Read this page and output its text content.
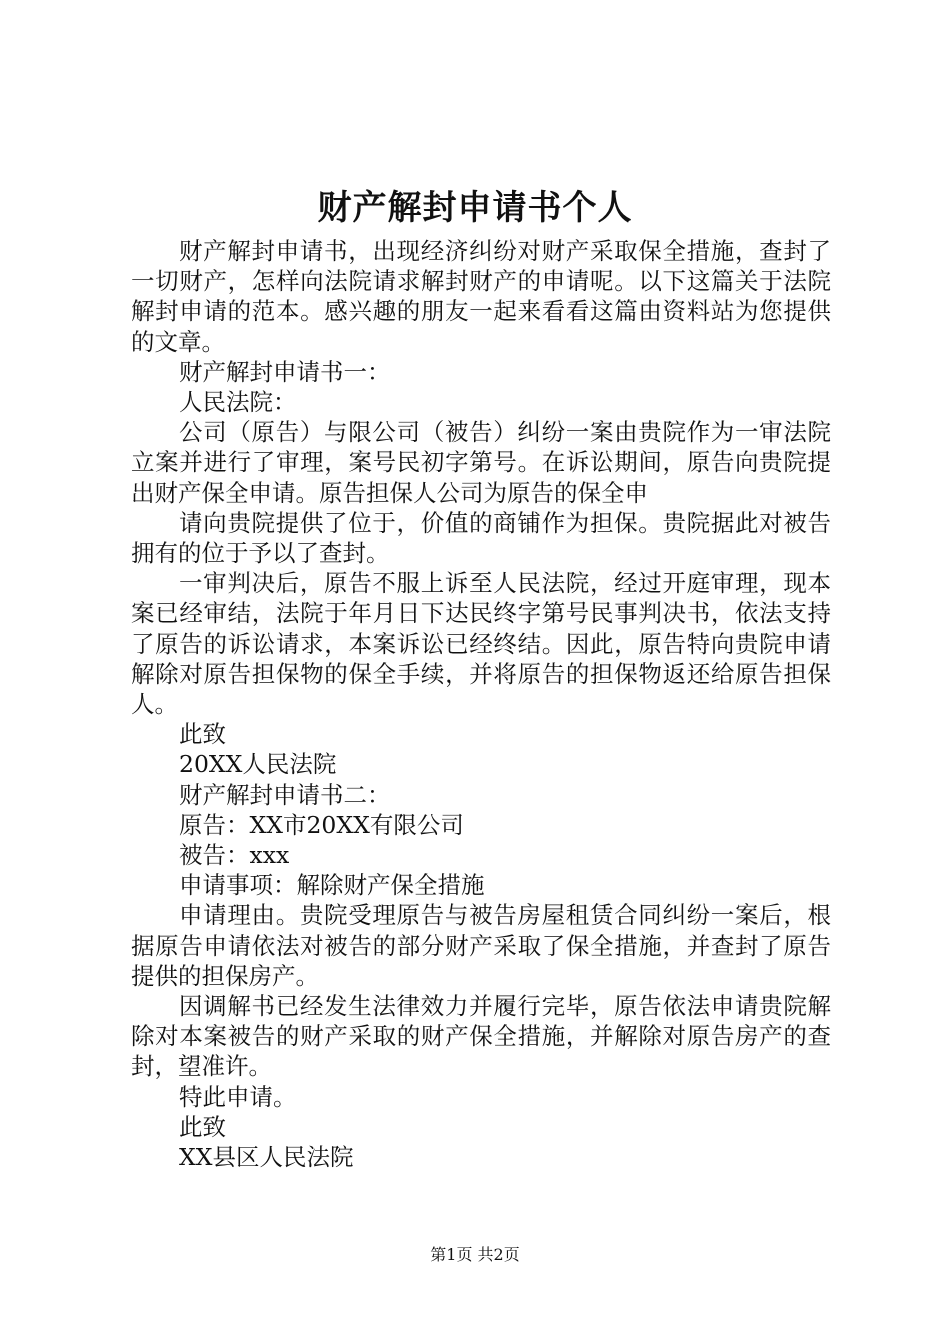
财产解封申请书个人

财产解封申请书，出现经济纠纷对财产采取保全措施，查封了一切财产，怎样向法院请求解封财产的申请呢。以下这篇关于法院解封申请的范本。感兴趣的朋友一起来看看这篇由资料站为您提供的文章。

财产解封申请书一：

人民法院：

公司（原告）与限公司（被告）纠纷一案由贵院作为一审法院立案并进行了审理，案号民初字第号。在诉讼期间，原告向贵院提出财产保全申请。原告担保人公司为原告的保全申

请向贵院提供了位于，价值的商铺作为担保。贵院据此对被告拥有的位于予以了查封。

一审判决后，原告不服上诉至人民法院，经过开庭审理，现本案已经审结，法院于年月日下达民终字第号民事判决书，依法支持了原告的诉讼请求，本案诉讼已经终结。因此，原告特向贵院申请解除对原告担保物的保全手续，并将原告的担保物返还给原告担保人。

此致

20XX人民法院

财产解封申请书二：

原告：XX市20XX有限公司

被告：xxx

申请事项：解除财产保全措施

申请理由。贵院受理原告与被告房屋租赁合同纠纷一案后，根据原告申请依法对被告的部分财产采取了保全措施，并查封了原告提供的担保房产。

因调解书已经发生法律效力并履行完毕，原告依法申请贵院解除对本案被告的财产采取的财产保全措施，并解除对原告房产的查封，望准许。

特此申请。

此致

XX县区人民法院

第1页 共2页
